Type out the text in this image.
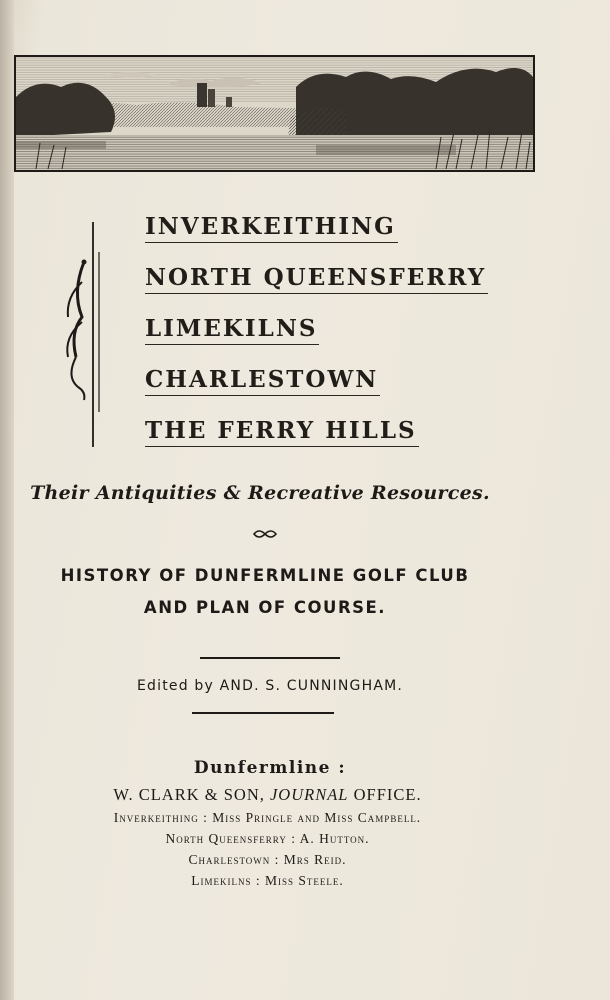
INVERKEITHING
NORTH QUEENSFERRY
LIMEKILNS
CHARLESTOWN
THE FERRY HILLS
Their Antiquities & Recreative Resources.
HISTORY OF DUNFERMLINE GOLF CLUB
AND PLAN OF COURSE.
Edited by AND. S. CUNNINGHAM.
Dunfermline :
W. CLARK & SON, JOURNAL OFFICE.
Inverkeithing : Miss Pringle and Miss Campbell.
North Queensferry : A. Hutton.
Charlestown : Mrs Reid.
Limekilns : Miss Steele.
